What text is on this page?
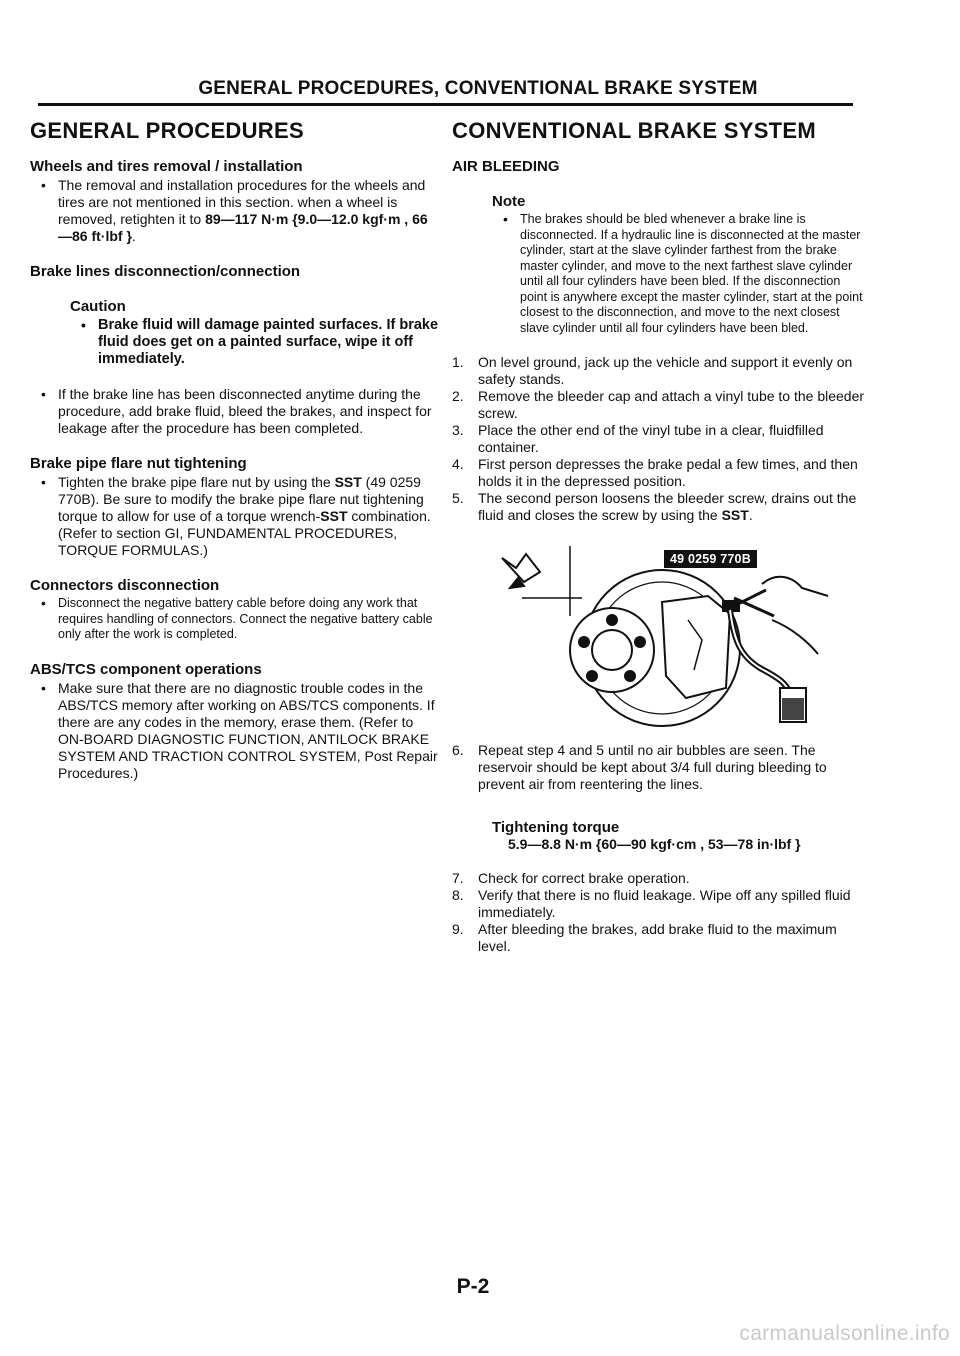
GENERAL PROCEDURES, CONVENTIONAL BRAKE SYSTEM
GENERAL PROCEDURES
Wheels and tires removal / installation
• The removal and installation procedures for the wheels and tires are not mentioned in this section. when a wheel is removed, retighten it to 89—117 N·m {9.0—12.0 kgf·m , 66—86 ft·lbf }.
Brake lines disconnection/connection
Caution
• Brake fluid will damage painted surfaces. If brake fluid does get on a painted surface, wipe it off immediately.
• If the brake line has been disconnected anytime during the procedure, add brake fluid, bleed the brakes, and inspect for leakage after the procedure has been completed.
Brake pipe flare nut tightening
• Tighten the brake pipe flare nut by using the SST (49 0259 770B). Be sure to modify the brake pipe flare nut tightening torque to allow for use of a torque wrench-SST combination. (Refer to section GI, FUNDAMENTAL PROCEDURES, TORQUE FORMULAS.)
Connectors disconnection
• Disconnect the negative battery cable before doing any work that requires handling of connectors. Connect the negative battery cable only after the work is completed.
ABS/TCS component operations
• Make sure that there are no diagnostic trouble codes in the ABS/TCS memory after working on ABS/TCS components. If there are any codes in the memory, erase them. (Refer to ON-BOARD DIAGNOSTIC FUNCTION, ANTILOCK BRAKE SYSTEM AND TRACTION CONTROL SYSTEM, Post Repair Procedures.)
CONVENTIONAL BRAKE SYSTEM
AIR BLEEDING
Note
• The brakes should be bled whenever a brake line is disconnected. If a hydraulic line is disconnected at the master cylinder, start at the slave cylinder farthest from the brake master cylinder, and move to the next farthest slave cylinder until all four cylinders have been bled. If the disconnection point is anywhere except the master cylinder, start at the point closest to the disconnection, and move to the next closest slave cylinder until all four cylinders have been bled.
1. On level ground, jack up the vehicle and support it evenly on safety stands.
2. Remove the bleeder cap and attach a vinyl tube to the bleeder screw.
3. Place the other end of the vinyl tube in a clear, fluidfilled container.
4. First person depresses the brake pedal a few times, and then holds it in the depressed position.
5. The second person loosens the bleeder screw, drains out the fluid and closes the screw by using the SST.
49 0259 770B
6. Repeat step 4 and 5 until no air bubbles are seen. The reservoir should be kept about 3/4 full during bleeding to prevent air from reentering the lines.
Tightening torque
5.9—8.8 N·m {60—90 kgf·cm , 53—78 in·lbf }
7. Check for correct brake operation.
8. Verify that there is no fluid leakage. Wipe off any spilled fluid immediately.
9. After bleeding the brakes, add brake fluid to the maximum level.
P-2
carmanualsonline.info
